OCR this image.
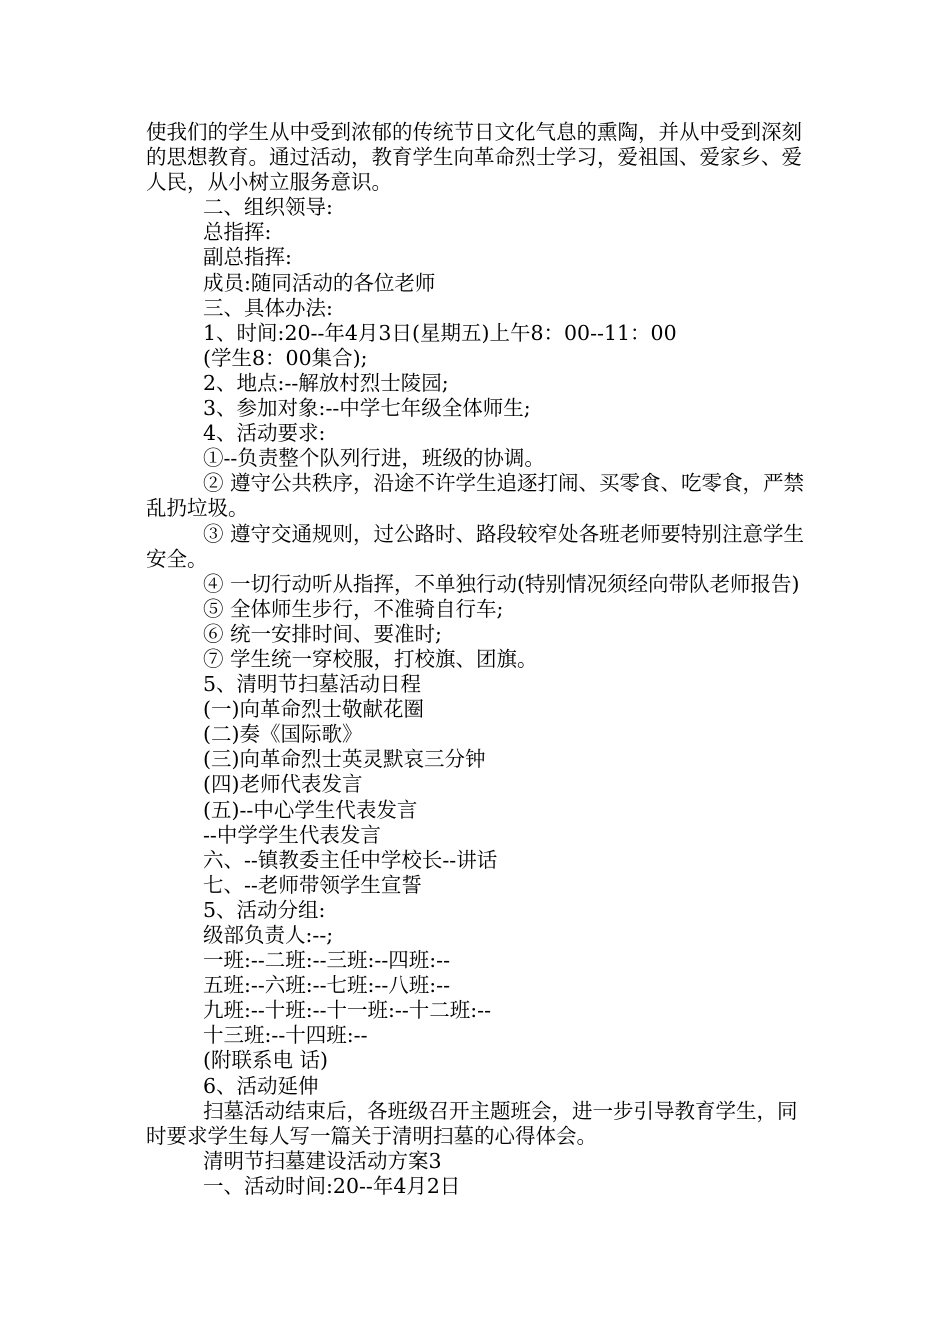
使我们的学生从中受到浓郁的传统节日文化气息的熏陶，并从中受到深刻的思想教育。通过活动，教育学生向革命烈士学习，爱祖国、爱家乡、爱人民，从小树立服务意识。

二、组织领导:

总指挥:

副总指挥:

成员:随同活动的各位老师

三、具体办法:

1、时间:20--年4月3日(星期五)上午8：00--11：00

(学生8：00集合);

2、地点:--解放村烈士陵园;

3、参加对象:--中学七年级全体师生;

4、活动要求:

①--负责整个队列行进，班级的协调。

② 遵守公共秩序，沿途不许学生追逐打闹、买零食、吃零食，严禁乱扔垃圾。

③ 遵守交通规则，过公路时、路段较窄处各班老师要特别注意学生安全。

④ 一切行动听从指挥，不单独行动(特别情况须经向带队老师报告)

⑤ 全体师生步行，不准骑自行车;

⑥ 统一安排时间、要准时;

⑦ 学生统一穿校服，打校旗、团旗。

5、清明节扫墓活动日程

(一)向革命烈士敬献花圈

(二)奏《国际歌》

(三)向革命烈士英灵默哀三分钟

(四)老师代表发言

(五)--中心学生代表发言

--中学学生代表发言

六、--镇教委主任中学校长--讲话

七、--老师带领学生宣誓

5、活动分组:

级部负责人:--;

一班:--二班:--三班:--四班:--

五班:--六班:--七班:--八班:--

九班:--十班:--十一班:--十二班:--

十三班:--十四班:--

(附联系电 话)

6、活动延伸

扫墓活动结束后，各班级召开主题班会，进一步引导教育学生，同时要求学生每人写一篇关于清明扫墓的心得体会。

清明节扫墓建设活动方案3

一、活动时间:20--年4月2日
